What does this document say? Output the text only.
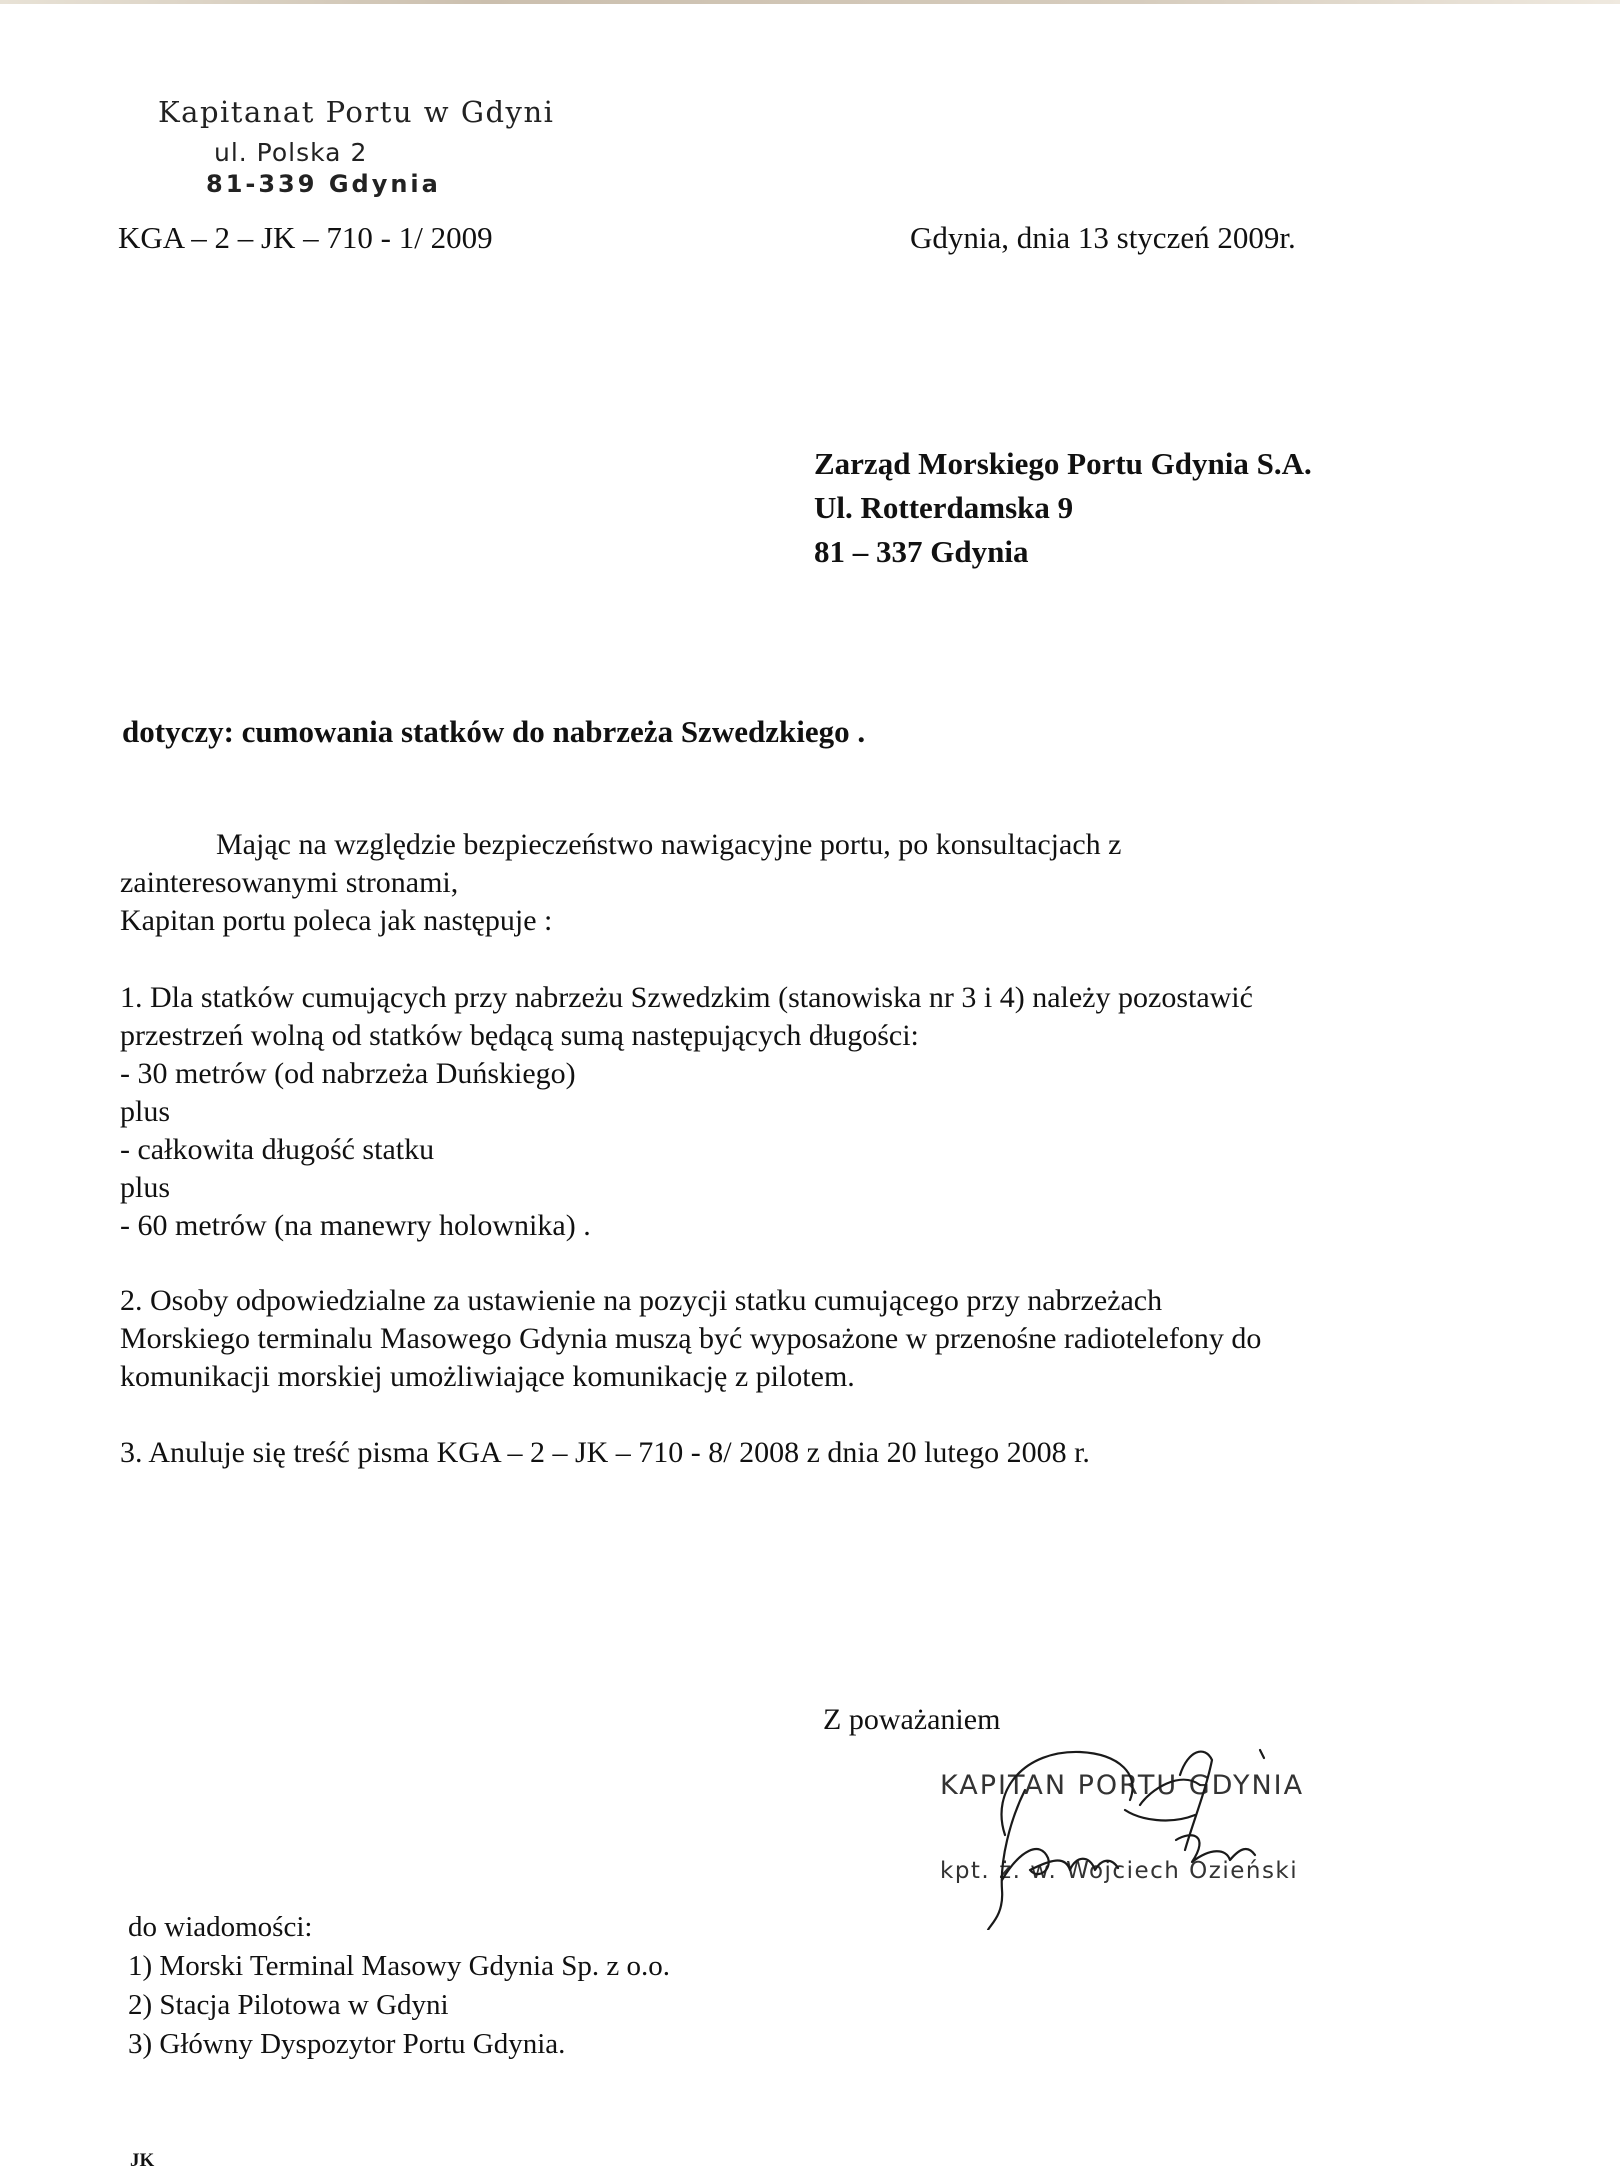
Kapitanat Portu w Gdyni
ul. Polska 2
81-339 Gdynia
KGA – 2 – JK – 710 - 1/ 2009	Gdynia, dnia 13 styczeń 2009r.
Zarząd Morskiego Portu Gdynia S.A.
Ul. Rotterdamska 9
81 – 337 Gdynia
dotyczy: cumowania statków do nabrzeża Szwedzkiego .
Mając na względzie bezpieczeństwo nawigacyjne portu, po konsultacjach z
zainteresowanymi stronami,
Kapitan portu poleca jak następuje :
1. Dla statków cumujących przy nabrzeżu Szwedzkim (stanowiska nr 3 i 4) należy pozostawić
przestrzeń wolną od statków będącą sumą następujących długości:
- 30 metrów (od nabrzeża Duńskiego)
plus
- całkowita długość statku
plus
- 60 metrów (na manewry holownika) .
2. Osoby odpowiedzialne za ustawienie na pozycji statku cumującego przy nabrzeżach
Morskiego terminalu Masowego Gdynia muszą być wyposażone w przenośne radiotelefony do
komunikacji morskiej umożliwiające komunikację z pilotem.
3. Anuluje się treść pisma KGA – 2 – JK – 710 - 8/ 2008 z dnia 20 lutego 2008 r.
Z poważaniem
KAPITAN PORTU GDYNIA
kpt. ż. w. Wojciech Ozieński
do wiadomości:
1) Morski Terminal Masowy Gdynia Sp. z o.o.
2) Stacja Pilotowa w Gdyni
3) Główny Dyspozytor Portu Gdynia.
JK
